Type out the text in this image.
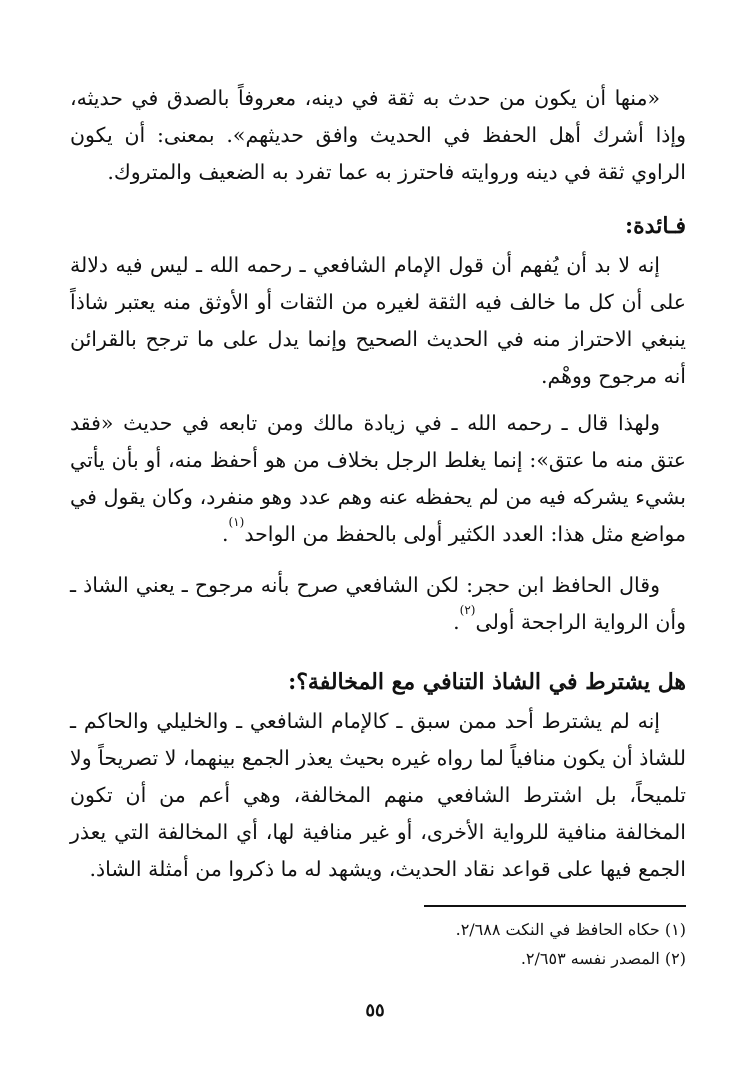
«منها أن يكون من حدث به ثقة في دينه، معروفاً بالصدق في حديثه، وإذا أشرك أهل الحفظ في الحديث وافق حديثهم». بمعنى: أن يكون الراوي ثقة في دينه وروايته فاحترز به عما تفرد به الضعيف والمتروك.

فـائدة:

إنه لا بد أن يُفهم أن قول الإمام الشافعي ـ رحمه الله ـ ليس فيه دلالة على أن كل ما خالف فيه الثقة لغيره من الثقات أو الأوثق منه يعتبر شاذاً ينبغي الاحتراز منه في الحديث الصحيح وإنما يدل على ما ترجح بالقرائن أنه مرجوح ووهْم.

ولهذا قال ـ رحمه الله ـ في زيادة مالك ومن تابعه في حديث «فقد عتق منه ما عتق»: إنما يغلط الرجل بخلاف من هو أحفظ منه، أو بأن يأتي بشيء يشركه فيه من لم يحفظه عنه وهم عدد وهو منفرد، وكان يقول في مواضع مثل هذا: العدد الكثير أولى بالحفظ من الواحد$^{(١)}$.

وقال الحافظ ابن حجر: لكن الشافعي صرح بأنه مرجوح ـ يعني الشاذ ـ وأن الرواية الراجحة أولى$^{(٢)}$.

هل يشترط في الشاذ التنافي مع المخالفة؟:

إنه لم يشترط أحد ممن سبق ـ كالإمام الشافعي ـ والخليلي والحاكم ـ للشاذ أن يكون منافياً لما رواه غيره بحيث يعذر الجمع بينهما، لا تصريحاً ولا تلميحاً، بل اشترط الشافعي منهم المخالفة، وهي أعم من أن تكون المخالفة منافية للرواية الأخرى، أو غير منافية لها، أي المخالفة التي يعذر الجمع فيها على قواعد نقاد الحديث، ويشهد له ما ذكروا من أمثلة الشاذ.

(١) حكاه الحافظ في النكت ٢/٦٨٨.

(٢) المصدر نفسه ٢/٦٥٣.

٥٥
